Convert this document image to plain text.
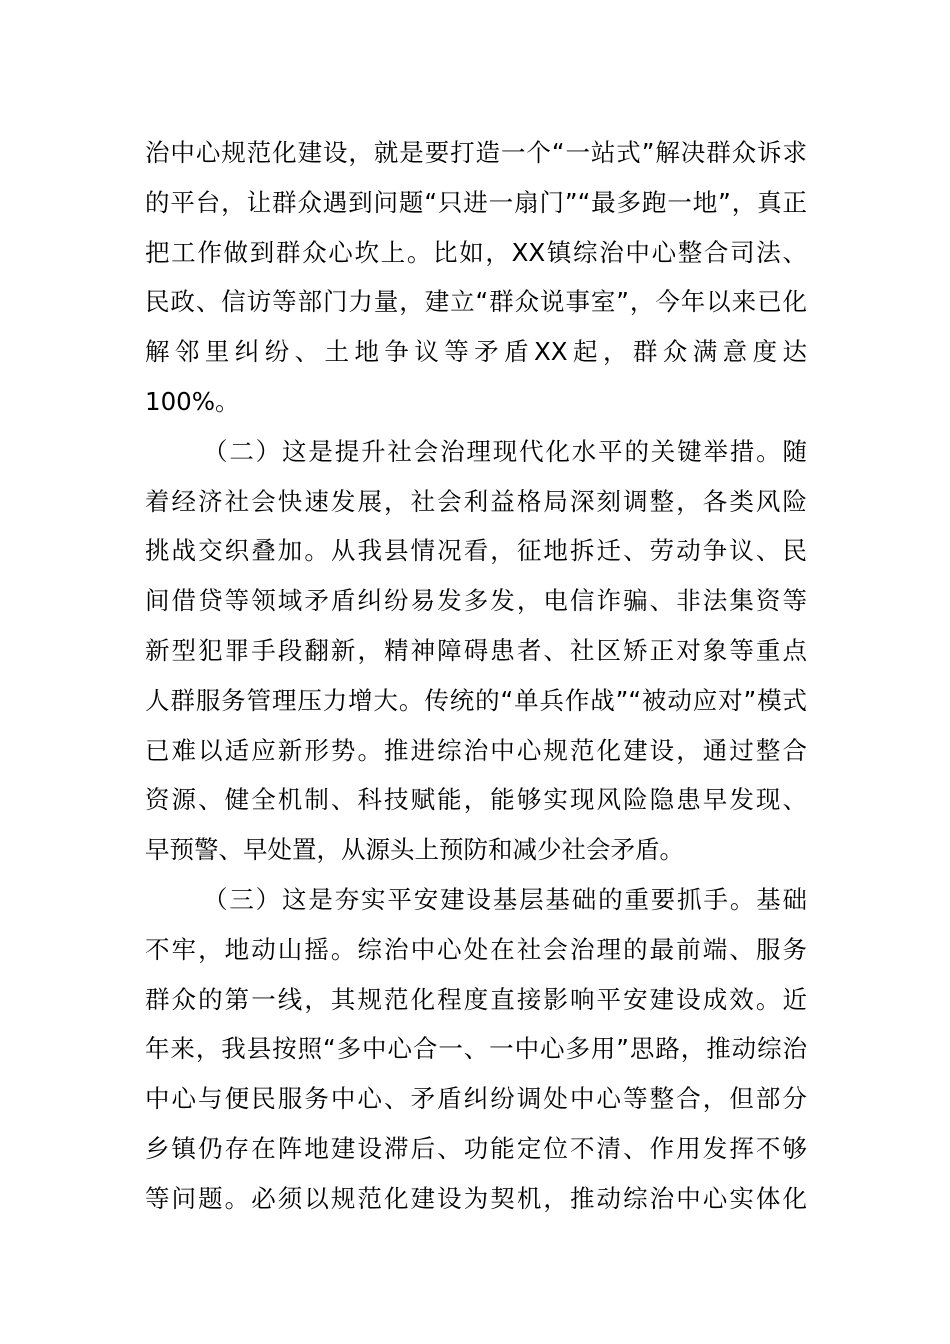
治中心规范化建设，就是要打造一个“一站式”解决群众诉求
的平台，让群众遇到问题“只进一扇门”“最多跑一地”，真正
把工作做到群众心坎上。比如，XX镇综治中心整合司法、
民政、信访等部门力量，建立“群众说事室”，今年以来已化
解邻里纠纷、土地争议等矛盾XX起，群众满意度达
100%。
（二）这是提升社会治理现代化水平的关键举措。随
着经济社会快速发展，社会利益格局深刻调整，各类风险
挑战交织叠加。从我县情况看，征地拆迁、劳动争议、民
间借贷等领域矛盾纠纷易发多发，电信诈骗、非法集资等
新型犯罪手段翻新，精神障碍患者、社区矫正对象等重点
人群服务管理压力增大。传统的“单兵作战”“被动应对”模式
已难以适应新形势。推进综治中心规范化建设，通过整合
资源、健全机制、科技赋能，能够实现风险隐患早发现、
早预警、早处置，从源头上预防和减少社会矛盾。
（三）这是夯实平安建设基层基础的重要抓手。基础
不牢，地动山摇。综治中心处在社会治理的最前端、服务
群众的第一线，其规范化程度直接影响平安建设成效。近
年来，我县按照“多中心合一、一中心多用”思路，推动综治
中心与便民服务中心、矛盾纠纷调处中心等整合，但部分
乡镇仍存在阵地建设滞后、功能定位不清、作用发挥不够
等问题。必须以规范化建设为契机，推动综治中心实体化
